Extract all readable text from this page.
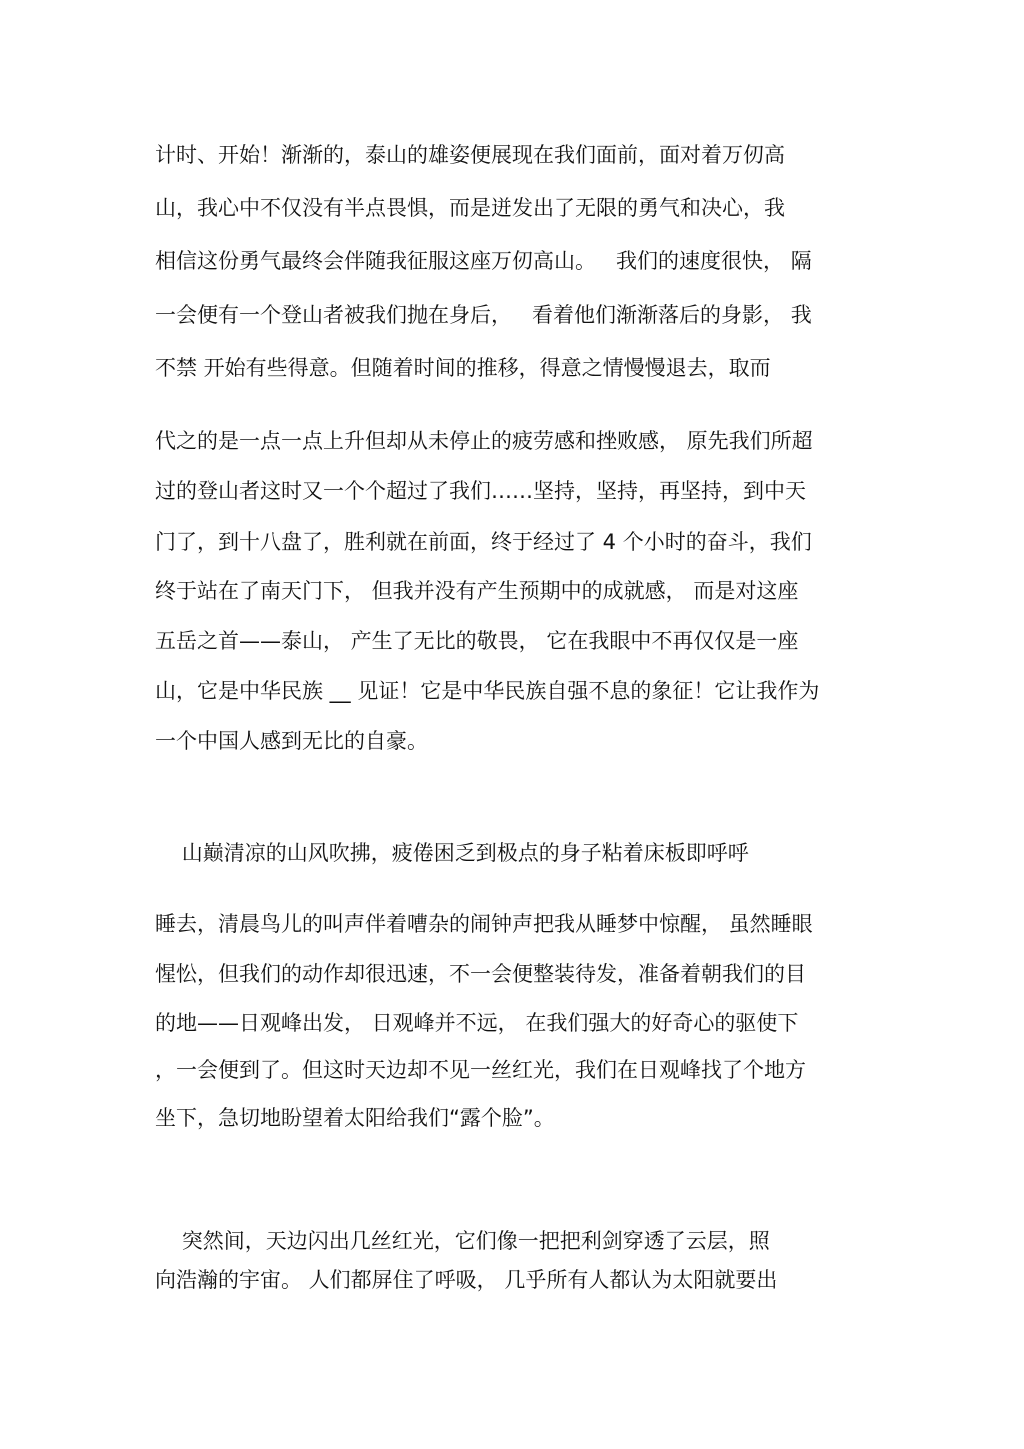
计时、开始！渐渐的，泰山的雄姿便展现在我们面前，面对着万仞高
山，我心中不仅没有半点畏惧，而是迸发出了无限的勇气和决心，我
相信这份勇气最终会伴随我征服这座万仞高山。   我们的速度很快， 隔
一会便有一个登山者被我们抛在身后，   看着他们渐渐落后的身影， 我
不禁 开始有些得意。但随着时间的推移，得意之情慢慢退去，取而
代之的是一点一点上升但却从未停止的疲劳感和挫败感， 原先我们所超
过的登山者这时又一个个超过了我们……坚持，坚持，再坚持，到中天
门了，到十八盘了，胜利就在前面，终于经过了 4 个小时的奋斗，我们
终于站在了南天门下， 但我并没有产生预期中的成就感， 而是对这座
五岳之首——泰山， 产生了无比的敬畏， 它在我眼中不再仅仅是一座
山，它是中华民族 __ 见证！它是中华民族自强不息的象征！它让我作为
一个中国人感到无比的自豪。
山巅清凉的山风吹拂，疲倦困乏到极点的身子粘着床板即呼呼
睡去，清晨鸟儿的叫声伴着嘈杂的闹钟声把我从睡梦中惊醒， 虽然睡眼
惺忪，但我们的动作却很迅速，不一会便整装待发，准备着朝我们的目
的地——日观峰出发， 日观峰并不远， 在我们强大的好奇心的驱使下
，一会便到了。但这时天边却不见一丝红光，我们在日观峰找了个地方
坐下，急切地盼望着太阳给我们“露个脸”。
突然间，天边闪出几丝红光，它们像一把把利剑穿透了云层，照
向浩瀚的宇宙。 人们都屏住了呼吸， 几乎所有人都认为太阳就要出
